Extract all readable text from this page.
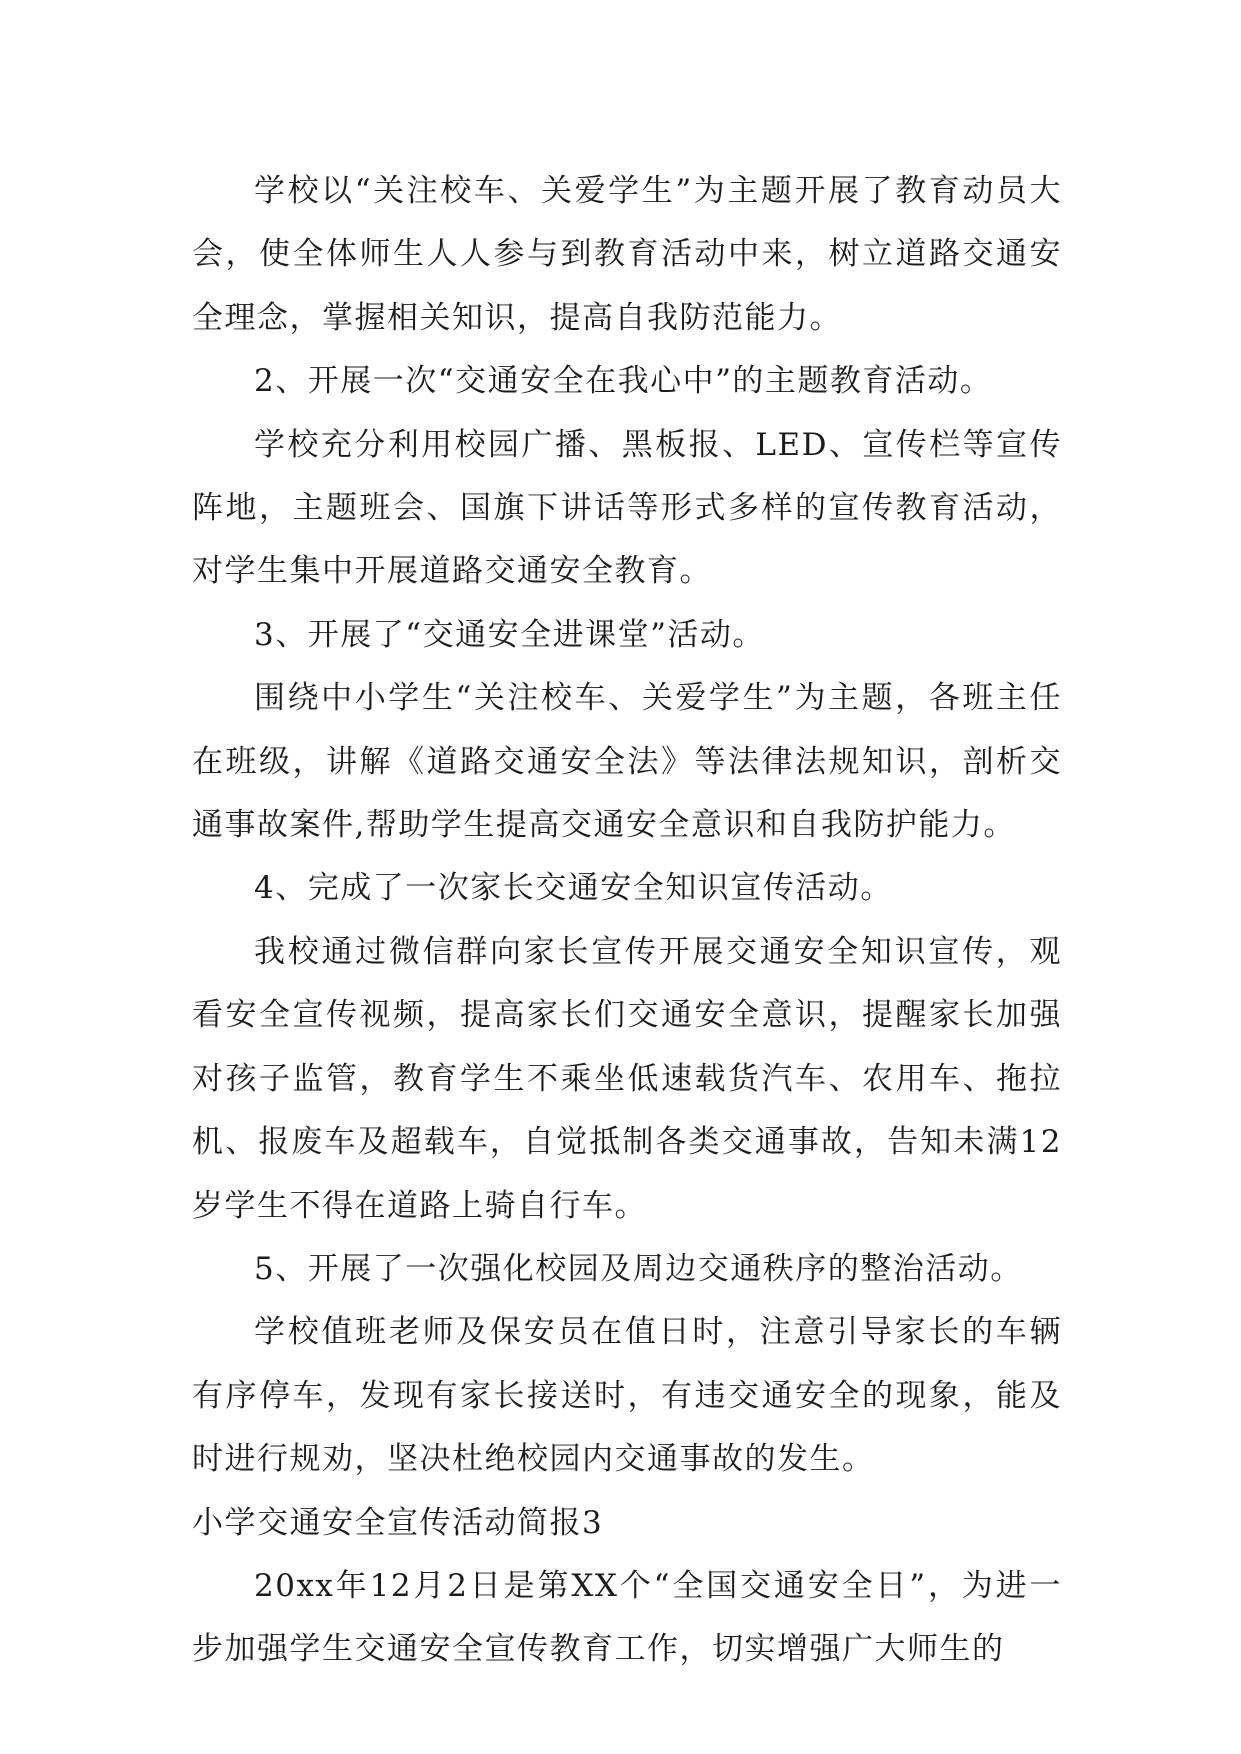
学校以“关注校车、关爱学生”为主题开展了教育动员大会，使全体师生人人参与到教育活动中来，树立道路交通安全理念，掌握相关知识，提高自我防范能力。

2、开展一次“交通安全在我心中”的主题教育活动。

学校充分利用校园广播、黑板报、LED、宣传栏等宣传阵地，主题班会、国旗下讲话等形式多样的宣传教育活动，对学生集中开展道路交通安全教育。

3、开展了“交通安全进课堂”活动。

围绕中小学生“关注校车、关爱学生”为主题，各班主任在班级，讲解《道路交通安全法》等法律法规知识，剖析交通事故案件,帮助学生提高交通安全意识和自我防护能力。

4、完成了一次家长交通安全知识宣传活动。

我校通过微信群向家长宣传开展交通安全知识宣传，观看安全宣传视频，提高家长们交通安全意识，提醒家长加强对孩子监管，教育学生不乘坐低速载货汽车、农用车、拖拉机、报废车及超载车，自觉抵制各类交通事故，告知未满12岁学生不得在道路上骑自行车。

5、开展了一次强化校园及周边交通秩序的整治活动。

学校值班老师及保安员在值日时，注意引导家长的车辆有序停车，发现有家长接送时，有违交通安全的现象，能及时进行规劝，坚决杜绝校园内交通事故的发生。

小学交通安全宣传活动简报3

20xx年12月2日是第XX个“全国交通安全日”，为进一步加强学生交通安全宣传教育工作，切实增强广大师生的
